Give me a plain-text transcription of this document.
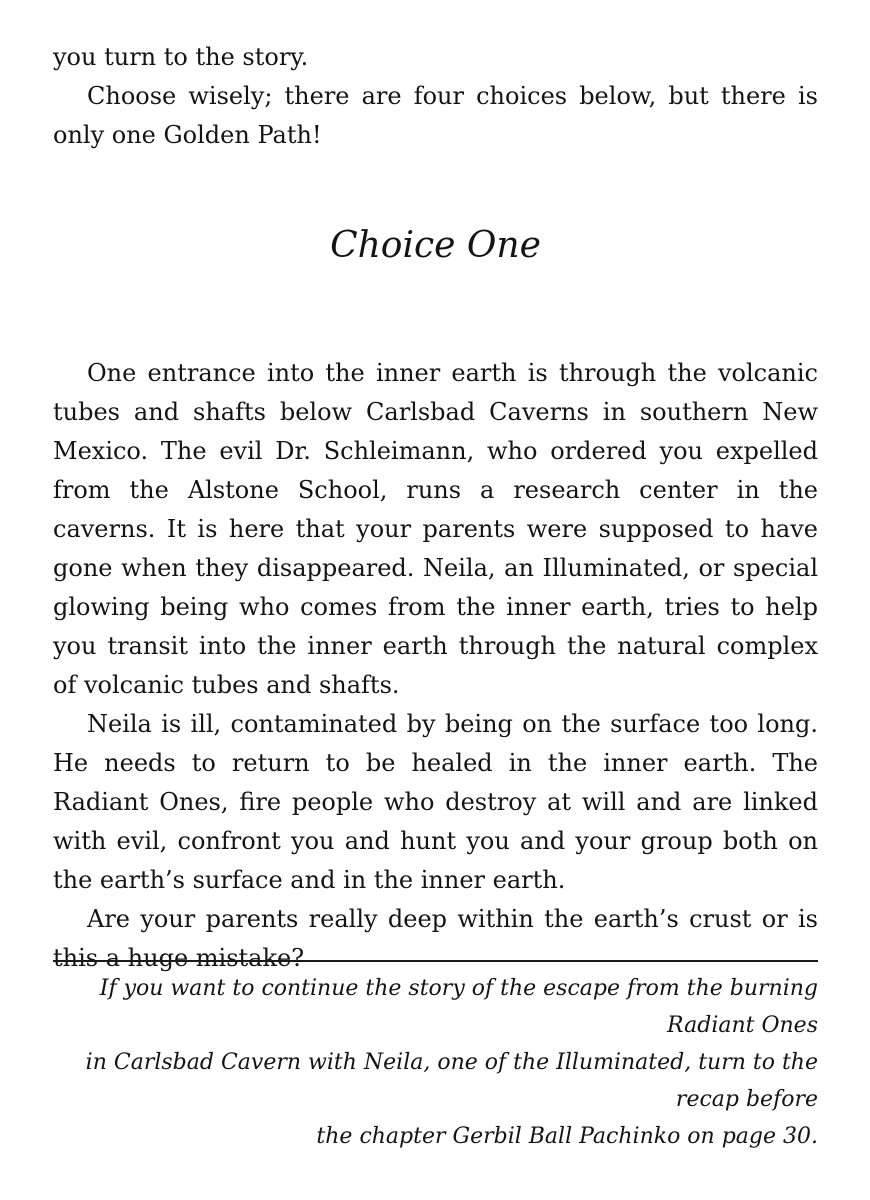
you turn to the story.

Choose wisely; there are four choices below, but there is only one Golden Path!

Choice One

One entrance into the inner earth is through the volcanic tubes and shafts below Carlsbad Caverns in southern New Mexico. The evil Dr. Schleimann, who ordered you expelled from the Alstone School, runs a research center in the caverns. It is here that your parents were supposed to have gone when they disappeared. Neila, an Illuminated, or special glowing being who comes from the inner earth, tries to help you transit into the inner earth through the natural complex of volcanic tubes and shafts.

Neila is ill, contaminated by being on the surface too long. He needs to return to be healed in the inner earth. The Radiant Ones, fire people who destroy at will and are linked with evil, confront you and hunt you and your group both on the earth’s surface and in the inner earth.

Are your parents really deep within the earth’s crust or is this a huge mistake?

If you want to continue the story of the escape from the burning Radiant Ones
in Carlsbad Cavern with Neila, one of the Illuminated, turn to the recap before
the chapter Gerbil Ball Pachinko on page 30.
